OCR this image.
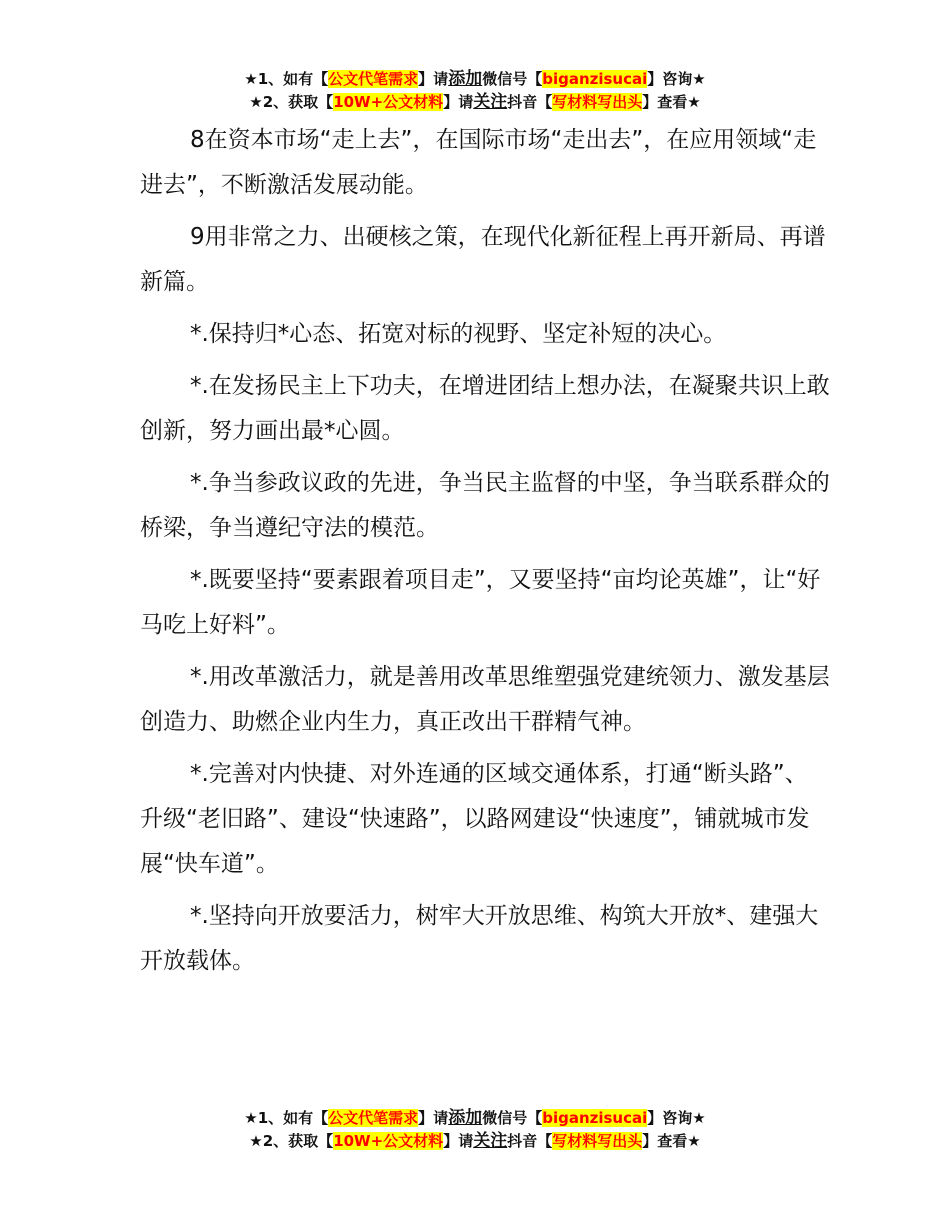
★1、如有【公文代笔需求】请添加微信号【biganzisucai】咨询★
★2、获取【10W+公文材料】请关注抖音【写材料写出头】查看★

8在资本市场“走上去”，在国际市场“走出去”，在应用领域“走进去”，不断激活发展动能。

9用非常之力、出硬核之策，在现代化新征程上再开新局、再谱新篇。

*.保持归*心态、拓宽对标的视野、坚定补短的决心。

*.在发扬民主上下功夫，在增进团结上想办法，在凝聚共识上敢创新，努力画出最*心圆。

*.争当参政议政的先进，争当民主监督的中坚，争当联系群众的桥梁，争当遵纪守法的模范。

*.既要坚持“要素跟着项目走”，又要坚持“亩均论英雄”，让“好马吃上好料”。

*.用改革激活力，就是善用改革思维塑强党建统领力、激发基层创造力、助燃企业内生力，真正改出干群精气神。

*.完善对内快捷、对外连通的区域交通体系，打通“断头路”、升级“老旧路”、建设“快速路”，以路网建设“快速度”，铺就城市发展“快车道”。

*.坚持向开放要活力，树牢大开放思维、构筑大开放*、建强大开放载体。

★1、如有【公文代笔需求】请添加微信号【biganzisucai】咨询★
★2、获取【10W+公文材料】请关注抖音【写材料写出头】查看★
